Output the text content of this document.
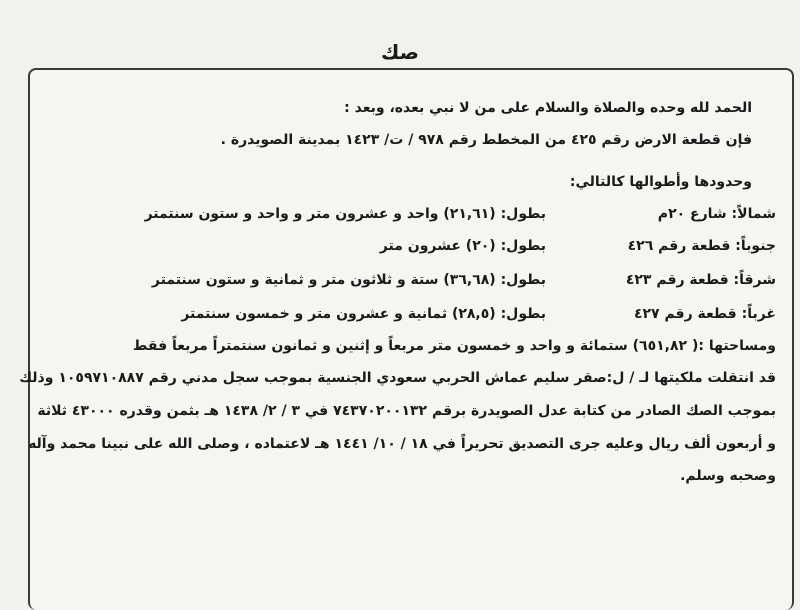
صك
الحمد لله وحده والصلاة والسلام على من لا نبي بعده، وبعد :
فإن قطعة الارض رقم ٤٢٥ من المخطط رقم ٩٧٨ / ت/ ١٤٢٣ بمدينة الصويدرة .
وحدودها وأطوالها كالتالي:
شمالاً: شارع ٢٠م
بطول: (٢١,٦١) واحد و عشرون متر و واحد و ستون سنتمتر
جنوباً: قطعة رقم ٤٢٦
بطول: (٢٠) عشرون متر
شرقاً: قطعة رقم ٤٢٣
بطول: (٣٦,٦٨) ستة و ثلاثون متر و ثمانية و ستون سنتمتر
غرباً: قطعة رقم ٤٢٧
بطول: (٢٨,٥) ثمانية و عشرون متر و خمسون سنتمتر
ومساحتها :( ٦٥١,٨٢) ستمائة و واحد و خمسون متر مربعاً و إثنين و ثمانون سنتمتراً مربعاً فقط
قد انتقلت ملكيتها لـ / ل:صقر سليم عماش الحربي سعودي الجنسية بموجب سجل مدني رقم ١٠٥٩٧١٠٨٨٧ وذلك
بموجب الصك الصادر من كتابة عدل الصويدرة برقم ٧٤٣٧٠٢٠٠١٣٢ في ٣ / ٢/ ١٤٣٨ هـ بثمن وقدره ٤٣٠٠٠ ثلاثة
و أربعون ألف ريال وعليه جرى التصديق تحريراً في ١٨ / ١٠/ ١٤٤١ هـ لاعتماده ، وصلى الله على نبينا محمد وآله
وصحبه وسلم.
